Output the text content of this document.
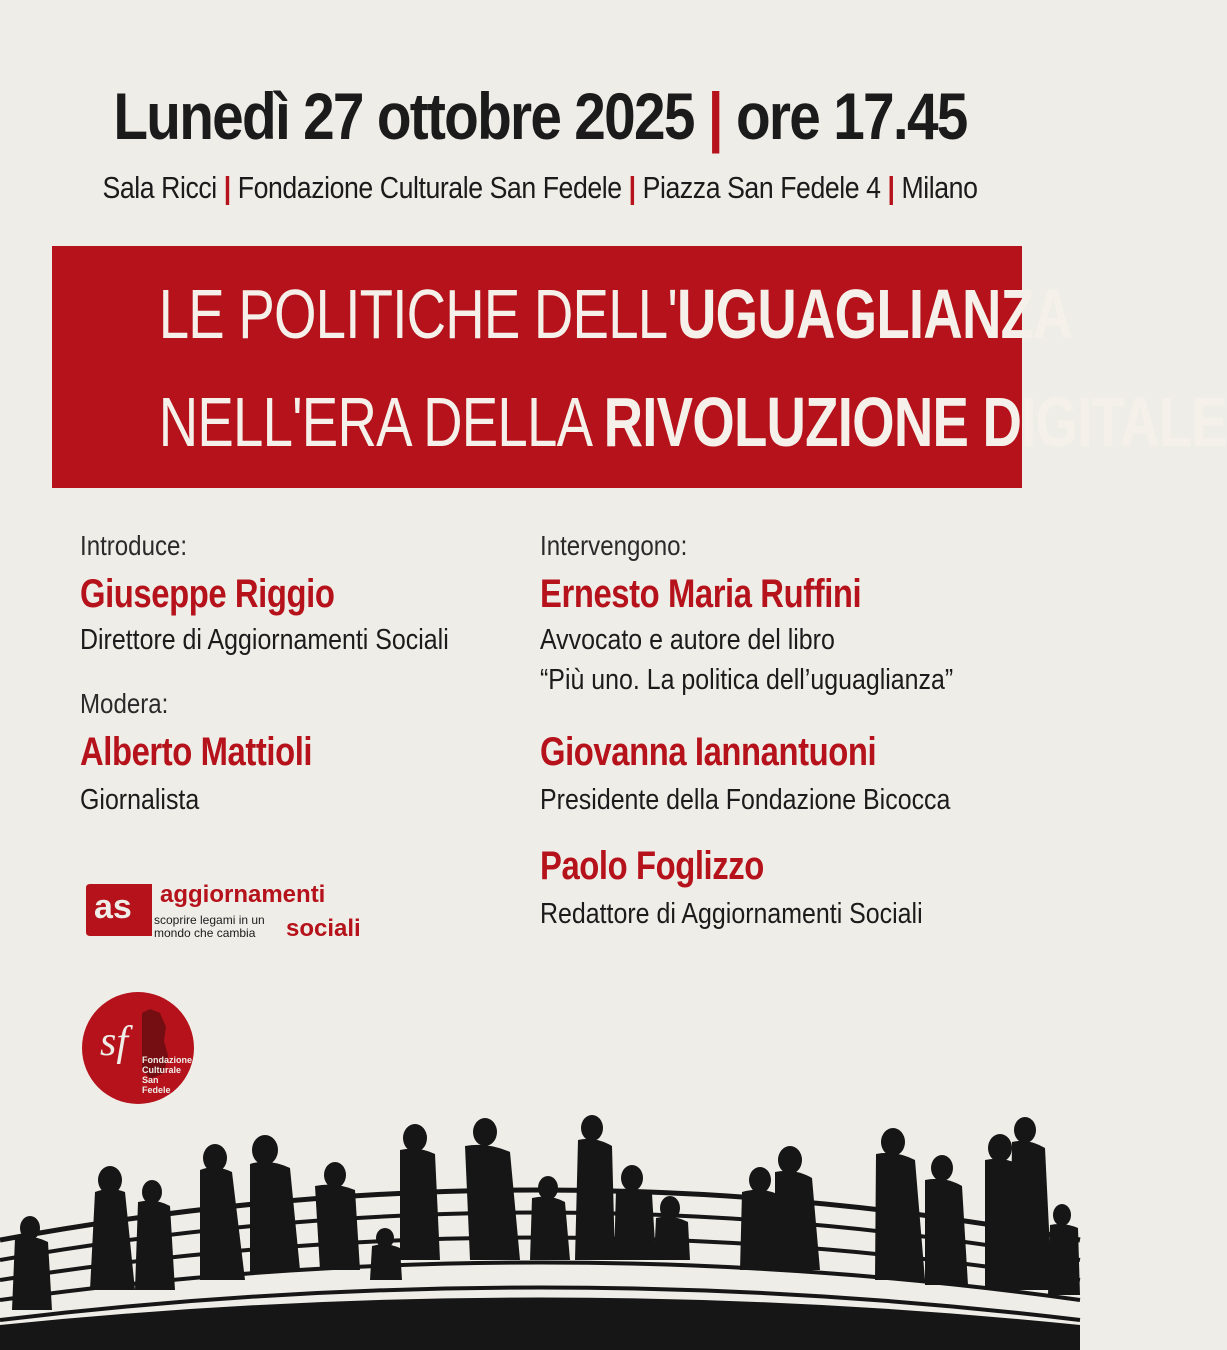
Lunedì 27 ottobre 2025 | ore 17.45
Sala Ricci | Fondazione Culturale San Fedele | Piazza San Fedele 4 | Milano
LE POLITICHE DELL'UGUAGLIANZA
NELL'ERA DELLA RIVOLUZIONE DIGITALE
Introduce:
Giuseppe Riggio
Direttore di Aggiornamenti Sociali
Modera:
Alberto Mattioli
Giornalista
Intervengono:
Ernesto Maria Ruffini
Avvocato e autore del libro
“Più uno. La politica dell’uguaglianza”
Giovanna Iannantuoni
Presidente della Fondazione Bicocca
Paolo Foglizzo
Redattore di Aggiornamenti Sociali
as aggiornamenti
scoprire legami in un
mondo che cambia sociali
sf	Fondazione
Culturale
San
Fedele
